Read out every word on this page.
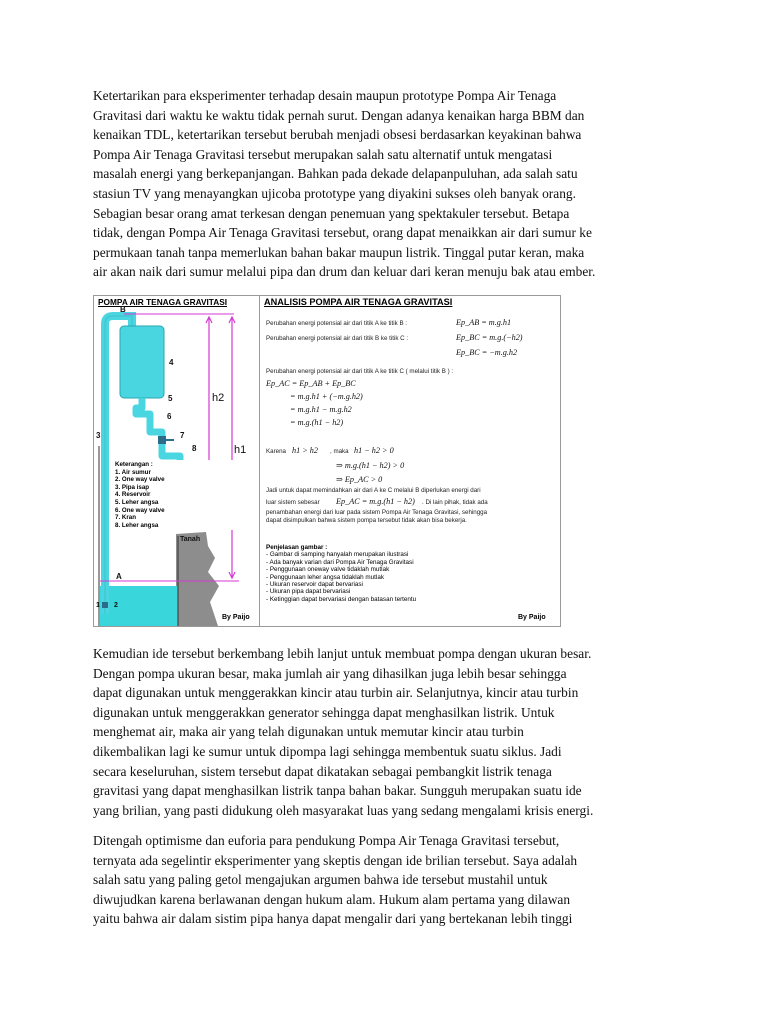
Ketertarikan para eksperimenter terhadap desain maupun prototype Pompa Air Tenaga
Gravitasi dari waktu ke waktu tidak pernah surut. Dengan adanya kenaikan harga BBM dan
kenaikan TDL, ketertarikan tersebut berubah menjadi obsesi berdasarkan keyakinan bahwa
Pompa Air Tenaga Gravitasi tersebut merupakan salah satu alternatif untuk mengatasi
masalah energi yang berkepanjangan. Bahkan pada dekade delapanpuluhan, ada salah satu
stasiun TV yang menayangkan ujicoba prototype yang diyakini sukses oleh banyak orang.
Sebagian besar orang amat terkesan dengan penemuan yang spektakuler tersebut. Betapa
tidak, dengan Pompa Air Tenaga Gravitasi tersebut, orang dapat menaikkan air dari sumur ke
permukaan tanah tanpa memerlukan bahan bakar maupun listrik. Tinggal putar keran, maka
air akan naik dari sumur melalui pipa dan drum dan keluar dari keran menuju bak atau ember.
POMPA AIR TENAGA GRAVITASI
B
4
5
6
7
8
3
A
1 2
h2
h1
Tanah
Keterangan :
1. Air sumur
2. One way valve
3. Pipa isap
4. Reservoir
5. Leher angsa
6. One way valve
7. Kran
8. Leher angsa
By Paijo
ANALISIS POMPA AIR TENAGA GRAVITASI
Perubahan energi potensial air dari titik A ke titik B :	Ep_AB = m.g.h1
Perubahan energi potensial air dari titik B ke titik C :	Ep_BC = m.g.(−h2)
Ep_BC = −m.g.h2
Perubahan energi potensial air dari titik A ke titik C ( melalui titik B ) :
Ep_AC = Ep_AB + Ep_BC
= m.g.h1 + (−m.g.h2)
= m.g.h1 − m.g.h2
= m.g.(h1 − h2)
Karena h1 > h2 , maka h1 − h2 > 0
⇒ m.g.(h1 − h2) > 0
⇒ Ep_AC > 0
Jadi untuk dapat memindahkan air dari A ke C melalui B diperlukan energi dari
luar sistem sebesar Ep_AC = m.g.(h1 − h2) . Di lain pihak, tidak ada
penambahan energi dari luar pada sistem Pompa Air Tenaga Gravitasi, sehingga
dapat disimpulkan bahwa sistem pompa tersebut tidak akan bisa bekerja.
Penjelasan gambar :
- Gambar di samping hanyalah merupakan ilustrasi
- Ada banyak varian dari Pompa Air Tenaga Gravitasi
- Penggunaan oneway valve tidaklah mutlak
- Penggunaan leher angsa tidaklah mutlak
- Ukuran reservoir dapat bervariasi
- Ukuran pipa dapat bervariasi
- Ketinggian dapat bervariasi dengan batasan tertentu
By Paijo
Kemudian ide tersebut berkembang lebih lanjut untuk membuat pompa dengan ukuran besar.
Dengan pompa ukuran besar, maka jumlah air yang dihasilkan juga lebih besar sehingga
dapat digunakan untuk menggerakkan kincir atau turbin air. Selanjutnya, kincir atau turbin
digunakan untuk menggerakkan generator sehingga dapat menghasilkan listrik. Untuk
menghemat air, maka air yang telah digunakan untuk memutar kincir atau turbin
dikembalikan lagi ke sumur untuk dipompa lagi sehingga membentuk suatu siklus. Jadi
secara keseluruhan, sistem tersebut dapat dikatakan sebagai pembangkit listrik tenaga
gravitasi yang dapat menghasilkan listrik tanpa bahan bakar. Sungguh merupakan suatu ide
yang brilian, yang pasti didukung oleh masyarakat luas yang sedang mengalami krisis energi.
Ditengah optimisme dan euforia para pendukung Pompa Air Tenaga Gravitasi tersebut,
ternyata ada segelintir eksperimenter yang skeptis dengan ide brilian tersebut. Saya adalah
salah satu yang paling getol mengajukan argumen bahwa ide tersebut mustahil untuk
diwujudkan karena berlawanan dengan hukum alam. Hukum alam pertama yang dilawan
yaitu bahwa air dalam sistim pipa hanya dapat mengalir dari yang bertekanan lebih tinggi
